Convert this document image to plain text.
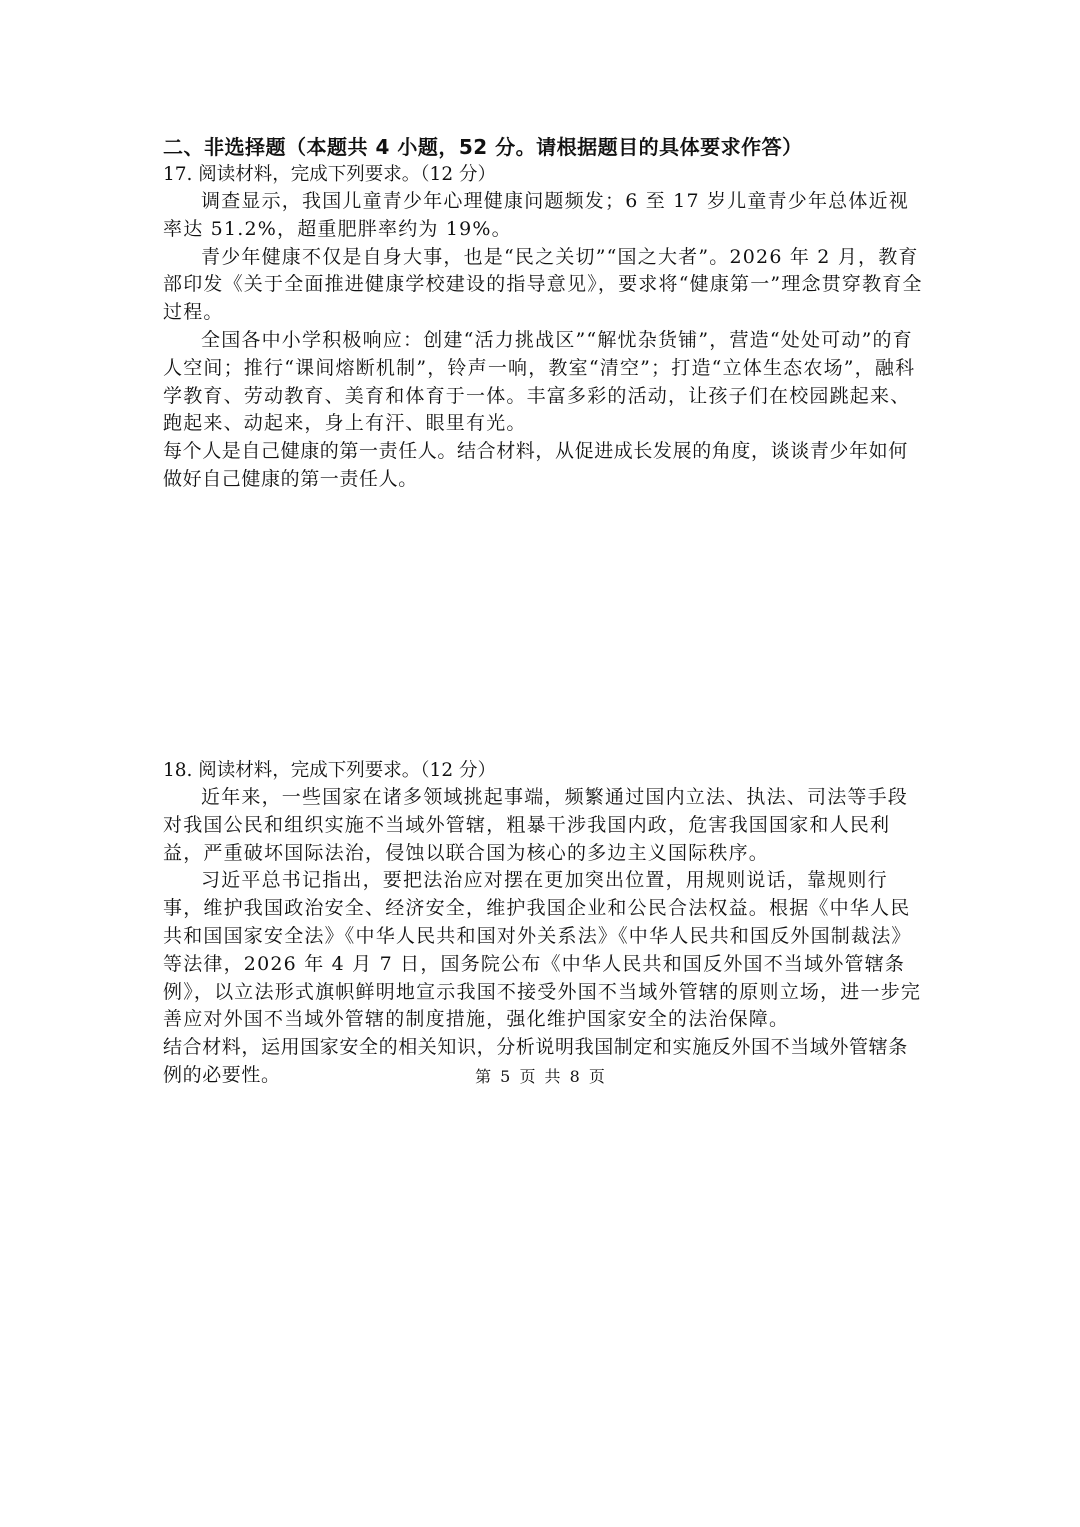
二、非选择题（本题共 4 小题，52 分。请根据题目的具体要求作答）
17. 阅读材料，完成下列要求。（12 分）

调查显示，我国儿童青少年心理健康问题频发；6 至 17 岁儿童青少年总体近视率达 51.2%，超重肥胖率约为 19%。

青少年健康不仅是自身大事，也是“民之关切”“国之大者”。2026 年 2 月，教育部印发《关于全面推进健康学校建设的指导意见》，要求将“健康第一”理念贯穿教育全过程。

全国各中小学积极响应：创建“活力挑战区”“解忧杂货铺”，营造“处处可动”的育人空间；推行“课间熔断机制”，铃声一响，教室“清空”；打造“立体生态农场”，融科学教育、劳动教育、美育和体育于一体。丰富多彩的活动，让孩子们在校园跳起来、跑起来、动起来，身上有汗、眼里有光。

每个人是自己健康的第一责任人。结合材料，从促进成长发展的角度，谈谈青少年如何做好自己健康的第一责任人。

18. 阅读材料，完成下列要求。（12 分）

近年来，一些国家在诸多领域挑起事端，频繁通过国内立法、执法、司法等手段对我国公民和组织实施不当域外管辖，粗暴干涉我国内政，危害我国国家和人民利益，严重破坏国际法治，侵蚀以联合国为核心的多边主义国际秩序。

习近平总书记指出，要把法治应对摆在更加突出位置，用规则说话，靠规则行事，维护我国政治安全、经济安全，维护我国企业和公民合法权益。根据《中华人民共和国国家安全法》《中华人民共和国对外关系法》《中华人民共和国反外国制裁法》等法律，2026 年 4 月 7 日，国务院公布《中华人民共和国反外国不当域外管辖条例》，以立法形式旗帜鲜明地宣示我国不接受外国不当域外管辖的原则立场，进一步完善应对外国不当域外管辖的制度措施，强化维护国家安全的法治保障。

结合材料，运用国家安全的相关知识，分析说明我国制定和实施反外国不当域外管辖条例的必要性。	第 5 页 共 8 页
